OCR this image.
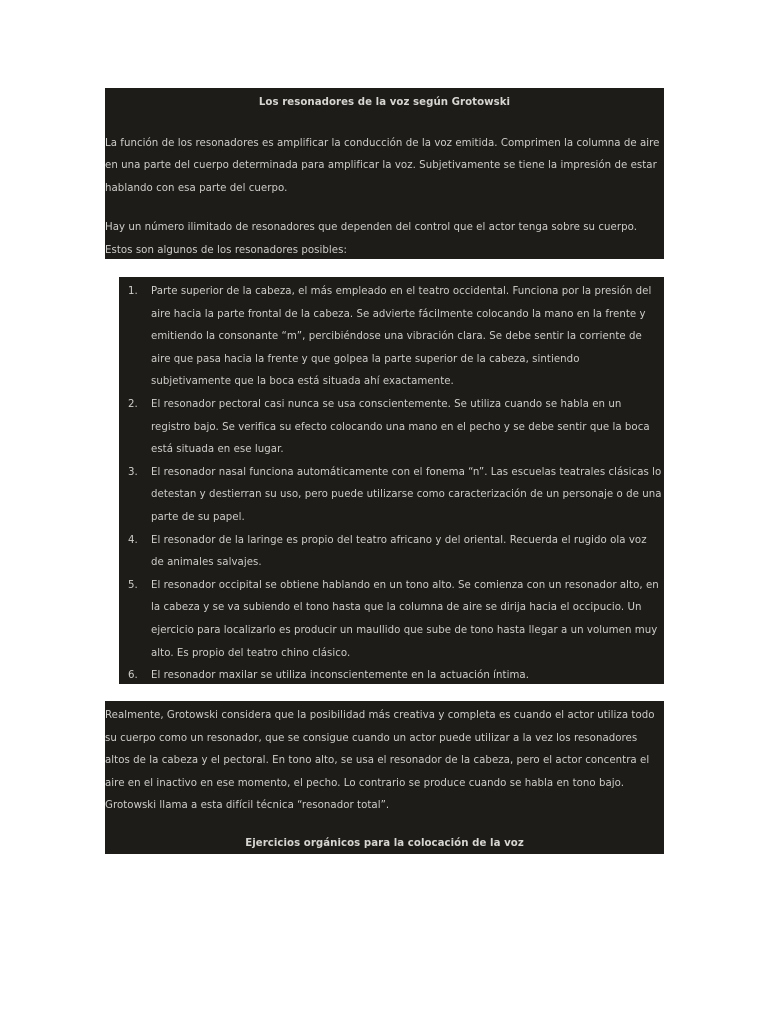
Los resonadores de la voz según Grotowski

La función de los resonadores es amplificar la conducción de la voz emitida. Comprimen la columna de aire en una parte del cuerpo determinada para amplificar la voz. Subjetivamente se tiene la impresión de estar hablando con esa parte del cuerpo.

Hay un número ilimitado de resonadores que dependen del control que el actor tenga sobre su cuerpo. Estos son algunos de los resonadores posibles:

1. Parte superior de la cabeza, el más empleado en el teatro occidental. Funciona por la presión del aire hacia la parte frontal de la cabeza. Se advierte fácilmente colocando la mano en la frente y emitiendo la consonante “m”, percibiéndose una vibración clara. Se debe sentir la corriente de aire que pasa hacia la frente y que golpea la parte superior de la cabeza, sintiendo subjetivamente que la boca está situada ahí exactamente.
2. El resonador pectoral casi nunca se usa conscientemente. Se utiliza cuando se habla en un registro bajo. Se verifica su efecto colocando una mano en el pecho y se debe sentir que la boca está situada en ese lugar.
3. El resonador nasal funciona automáticamente con el fonema “n”. Las escuelas teatrales clásicas lo detestan y destierran su uso, pero puede utilizarse como caracterización de un personaje o de una parte de su papel.
4. El resonador de la laringe es propio del teatro africano y del oriental. Recuerda el rugido ola voz de animales salvajes.
5. El resonador occipital se obtiene hablando en un tono alto. Se comienza con un resonador alto, en la cabeza y se va subiendo el tono hasta que la columna de aire se dirija hacia el occipucio. Un ejercicio para localizarlo es producir un maullido que sube de tono hasta llegar a un volumen muy alto. Es propio del teatro chino clásico.
6. El resonador maxilar se utiliza inconscientemente en la actuación íntima.

Realmente, Grotowski considera que la posibilidad más creativa y completa es cuando el actor utiliza todo su cuerpo como un resonador, que se consigue cuando un actor puede utilizar a la vez los resonadores altos de la cabeza y el pectoral. En tono alto, se usa el resonador de la cabeza, pero el actor concentra el aire en el inactivo en ese momento, el pecho. Lo contrario se produce cuando se habla en tono bajo. Grotowski llama a esta difícil técnica “resonador total”.

Ejercicios orgánicos para la colocación de la voz
